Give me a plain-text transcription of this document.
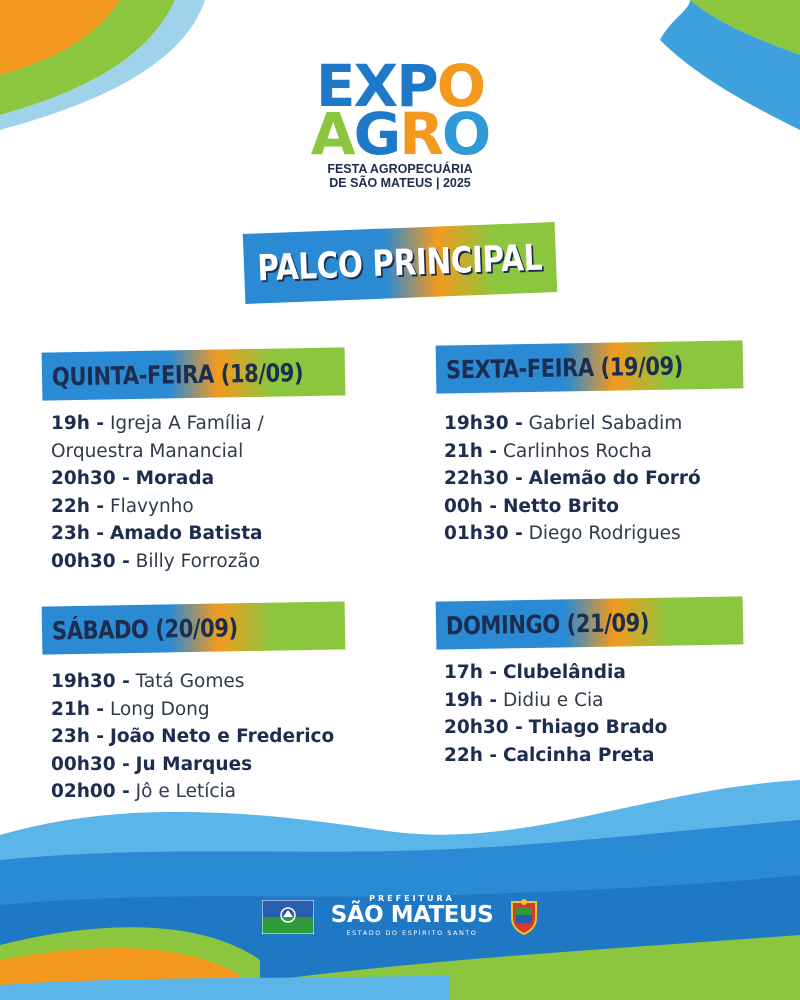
EXPO
AGRO
FESTA AGROPECUÁRIA
DE SÃO MATEUS | 2025
PALCO PRINCIPAL
QUINTA-FEIRA (18/09)
19h - Igreja A Família /
Orquestra Manancial
20h30 - Morada
22h - Flavynho
23h - Amado Batista
00h30 - Billy Forrozão
SEXTA-FEIRA (19/09)
19h30 - Gabriel Sabadim
21h - Carlinhos Rocha
22h30 - Alemão do Forró
00h - Netto Brito
01h30 - Diego Rodrigues
SÁBADO (20/09)
19h30 - Tatá Gomes
21h - Long Dong
23h - João Neto e Frederico
00h30 - Ju Marques
02h00 - Jô e Letícia
DOMINGO (21/09)
17h - Clubelândia
19h - Didiu e Cia
20h30 - Thiago Brado
22h - Calcinha Preta
PREFEITURA
SÃO MATEUS
ESTADO DO ESPÍRITO SANTO
